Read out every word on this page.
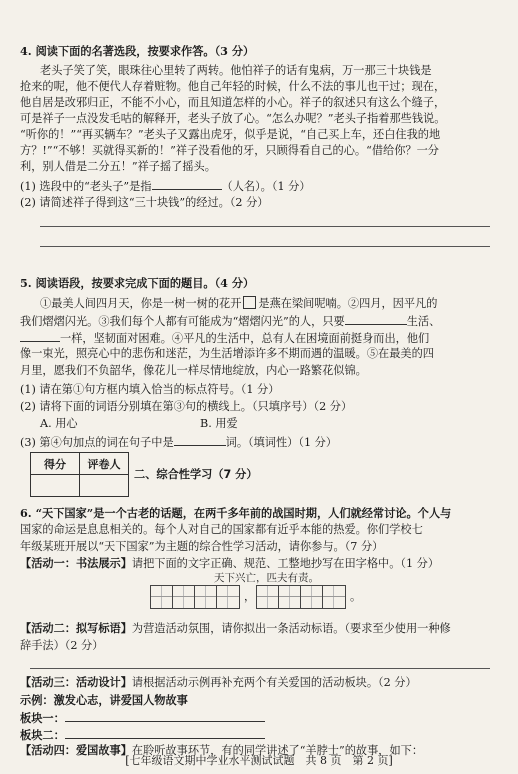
4. 阅读下面的名著选段，按要求作答。（3 分）
老头子笑了笑，眼珠往心里转了两转。他怕祥子的话有鬼病，万一那三十块钱是
抢来的呢，他不便代人存着赃物。他自己年轻的时候，什么不法的事儿也干过；现在，
他自居是改邪归正，不能不小心，而且知道怎样的小心。祥子的叙述只有这么个缝子，
可是祥子一点没发毛咕的解释开，老头子放了心。“怎么办呢？”老头子指着那些钱说。
“听你的！”“再买辆车？”老头子又露出虎牙，似乎是说，“自己买上车，还白住我的地
方？!”“不够！买就得买新的！”祥子没看他的牙，只顾得看自己的心。“借给你？一分
利，别人借是二分五！”祥子摇了摇头。
(1) 选段中的“老头子”是指	（人名）。（1 分）
(2) 请简述祥子得到这“三十块钱”的经过。（2 分）
5. 阅读语段，按要求完成下面的题目。（4 分）
①最美人间四月天，你是一树一树的花开 是燕在梁间呢喃。②四月，因平凡的
我们熠熠闪光。③我们每个人都有可能成为“熠熠闪光”的人，只要	生活、
一样，坚韧面对困难。④平凡的生活中，总有人在困境面前挺身而出，他们
像一束光，照亮心中的悲伤和迷茫，为生活增添许多不期而遇的温暖。⑤在最美的四
月里，愿我们不负韶华，像花儿一样尽情地绽放，内心一路繁花似锦。
(1) 请在第①句方框内填入恰当的标点符号。（1 分）
(2) 请将下面的词语分别填在第③句的横线上。（只填序号）（2 分）
A. 用心	B. 用爱
得分	评卷人

二、综合性学习（7 分）
6. “天下国家”是一个古老的话题，在两千多年前的战国时期，人们就经常讨论。个人与
国家的命运是息息相关的。每个人对自己的国家都有近乎本能的热爱。你们学校七
年级某班开展以“天下国家”为主题的综合性学习活动，请你参与。（7 分）
【活动一：书法展示】请把下面的文字正确、规范、工整地抄写在田字格中。（1 分）
天下兴亡，匹夫有责。
，	。
【活动二：拟写标语】为营造活动氛围，请你拟出一条活动标语。（要求至少使用一种修
辞手法）（2 分）
【活动三：活动设计】请根据活动示例再补充两个有关爱国的活动板块。（2 分）
示例：激发心志，讲爱国人物故事
板块一：
板块二：
【活动四：爱国故事】在聆听故事环节，有的同学讲述了“羊脖士”的故事，如下：
[七年级语文期中学业水平测试试题　共 8 页　第 2 页]
(3) 第④句加点的词在句子中是	词。（填词性）（1 分）
